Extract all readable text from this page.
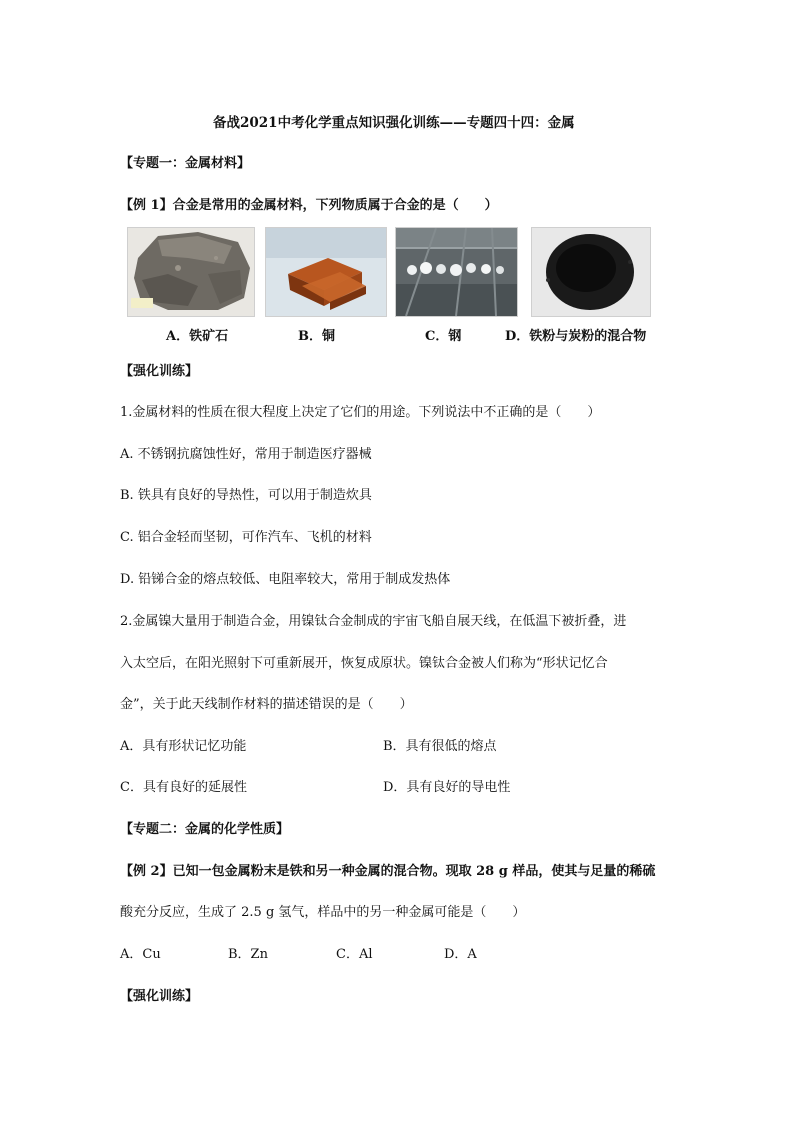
备战2021中考化学重点知识强化训练——专题四十四：金属
【专题一：金属材料】
【例 1】合金是常用的金属材料，下列物质属于合金的是（　　）
A．铁矿石	B．铜	C．钢	D．铁粉与炭粉的混合物
【强化训练】
1.金属材料的性质在很大程度上决定了它们的用途。下列说法中不正确的是（　　）
A. 不锈钢抗腐蚀性好，常用于制造医疗器械
B. 铁具有良好的导热性，可以用于制造炊具
C. 铝合金轻而坚韧，可作汽车、飞机的材料
D. 铅锑合金的熔点较低、电阻率较大，常用于制成发热体
2.金属镍大量用于制造合金，用镍钛合金制成的宇宙飞船自展天线，在低温下被折叠，进
入太空后，在阳光照射下可重新展开，恢复成原状。镍钛合金被人们称为“形状记忆合
金”，关于此天线制作材料的描述错误的是（　　）
A．具有形状记忆功能	B．具有很低的熔点
C．具有良好的延展性	D．具有良好的导电性
【专题二：金属的化学性质】
【例 2】已知一包金属粉末是铁和另一种金属的混合物。现取 28 g 样品，使其与足量的稀硫
酸充分反应，生成了 2.5 g 氢气，样品中的另一种金属可能是（　　）
A．Cu	B．Zn	C．Al	D．A
【强化训练】
